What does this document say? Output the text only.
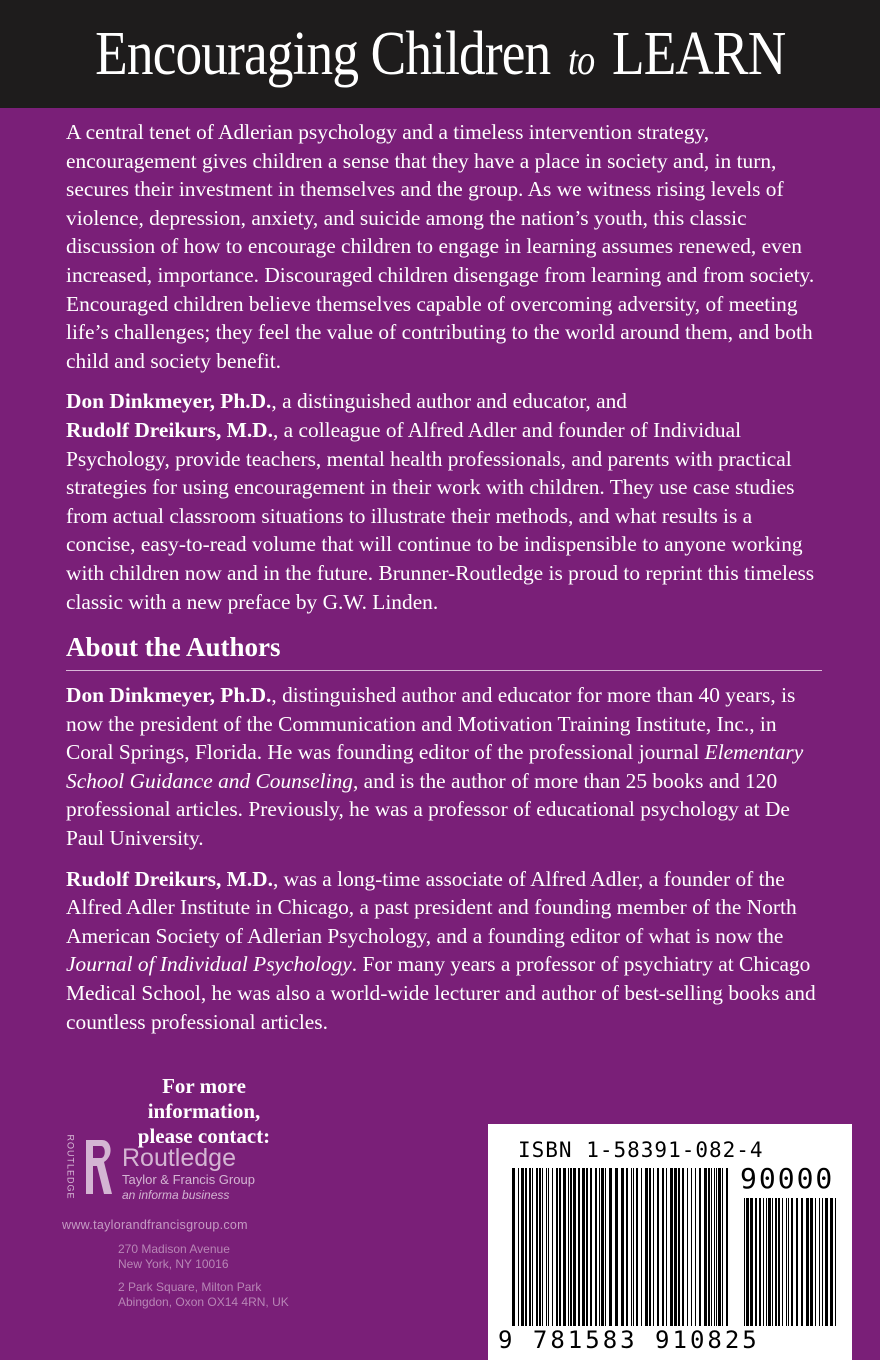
Encouraging Children to LEARN

A central tenet of Adlerian psychology and a timeless intervention strategy, encouragement gives children a sense that they have a place in society and, in turn, secures their investment in themselves and the group. As we witness rising levels of violence, depression, anxiety, and suicide among the nation’s youth, this classic discussion of how to encourage children to engage in learning assumes renewed, even increased, importance. Discouraged children disengage from learning and from society. Encouraged children believe themselves capable of overcoming adversity, of meeting life’s challenges; they feel the value of contributing to the world around them, and both child and society benefit.

Don Dinkmeyer, Ph.D., a distinguished author and educator, and
Rudolf Dreikurs, M.D., a colleague of Alfred Adler and founder of Individual Psychology, provide teachers, mental health professionals, and parents with practical strategies for using encouragement in their work with children. They use case studies from actual classroom situations to illustrate their methods, and what results is a concise, easy-to-read volume that will continue to be indispensible to anyone working with children now and in the future. Brunner-Routledge is proud to reprint this timeless classic with a new preface by G.W. Linden.

About the Authors

Don Dinkmeyer, Ph.D., distinguished author and educator for more than 40 years, is now the president of the Communication and Motivation Training Institute, Inc., in Coral Springs, Florida. He was founding editor of the professional journal Elementary School Guidance and Counseling, and is the author of more than 25 books and 120 professional articles. Previously, he was a professor of educational psychology at De Paul University.

Rudolf Dreikurs, M.D., was a long-time associate of Alfred Adler, a founder of the Alfred Adler Institute in Chicago, a past president and founding member of the North American Society of Adlerian Psychology, and a founding editor of what is now the Journal of Individual Psychology. For many years a professor of psychiatry at Chicago Medical School, he was also a world-wide lecturer and author of best-selling books and countless professional articles.

For more information,
please contact:
ROUTLEDGE Routledge
Taylor & Francis Group
an informa business
www.taylorandfrancisgroup.com
270 Madison Avenue
New York, NY 10016
2 Park Square, Milton Park
Abingdon, Oxon OX14 4RN, UK
ISBN 1-58391-082-4
90000
9 781583 910825
